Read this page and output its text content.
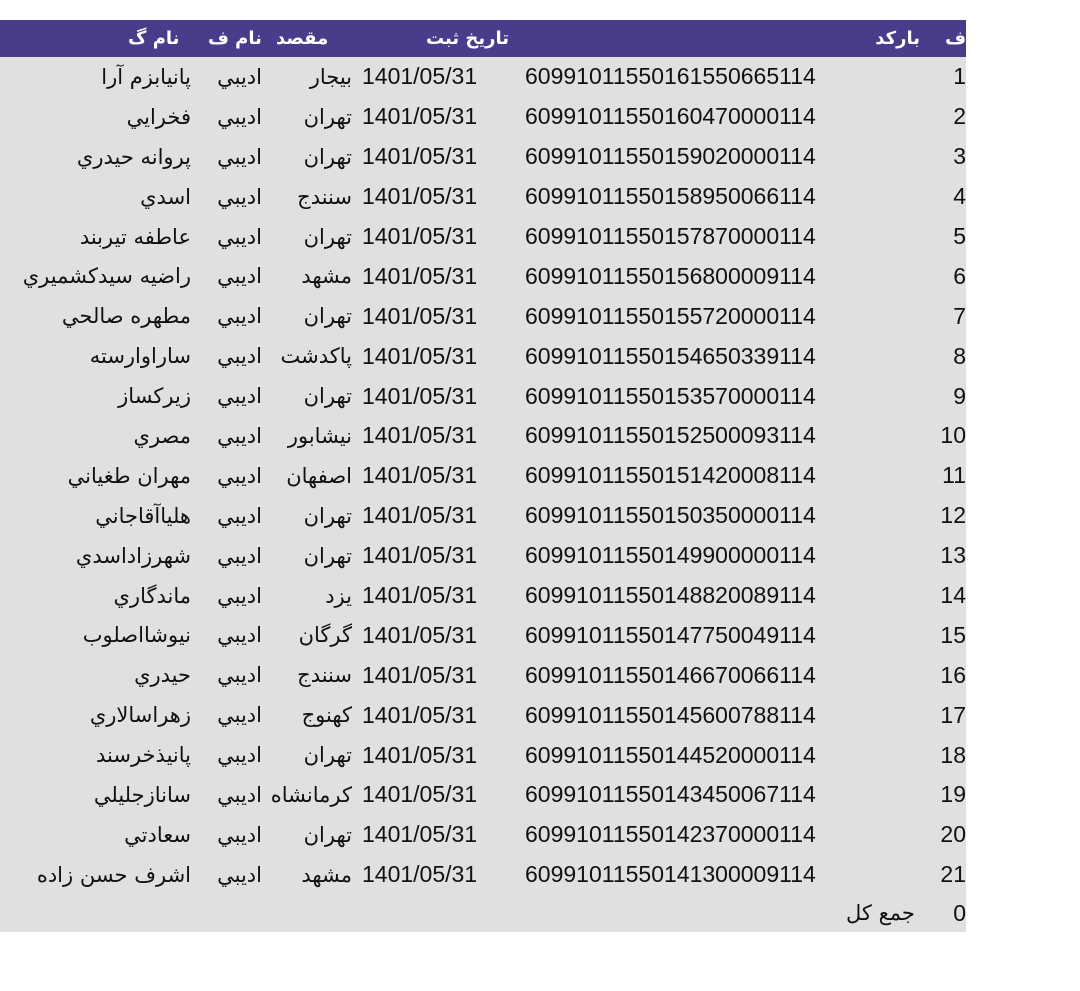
ف
بارکد
تاريخ ثبت
مقصد
نام ف
نام گ
1
60991011550161550665114
1401/05/31
بيجار
اديبي
پانيابزم آرا
2
60991011550160470000114
1401/05/31
تهران
اديبي
فخرايي
3
60991011550159020000114
1401/05/31
تهران
اديبي
پروانه حيدري
4
60991011550158950066114
1401/05/31
سنندج
اديبي
اسدي
5
60991011550157870000114
1401/05/31
تهران
اديبي
عاطفه تيربند
6
60991011550156800009114
1401/05/31
مشهد
اديبي
راضيه سيدکشميري
7
60991011550155720000114
1401/05/31
تهران
اديبي
مطهره صالحي
8
60991011550154650339114
1401/05/31
پاکدشت
اديبي
ساراوارسته
9
60991011550153570000114
1401/05/31
تهران
اديبي
زيرکساز
10
60991011550152500093114
1401/05/31
نيشابور
اديبي
مصري
11
60991011550151420008114
1401/05/31
اصفهان
اديبي
مهران طغياني
12
60991011550150350000114
1401/05/31
تهران
اديبي
هلياآقاجاني
13
60991011550149900000114
1401/05/31
تهران
اديبي
شهرزاداسدي
14
60991011550148820089114
1401/05/31
يزد
اديبي
ماندگاري
15
60991011550147750049114
1401/05/31
گرگان
اديبي
نيوشااصلوب
16
60991011550146670066114
1401/05/31
سنندج
اديبي
حيدري
17
60991011550145600788114
1401/05/31
کهنوج
اديبي
زهراسالاري
18
60991011550144520000114
1401/05/31
تهران
اديبي
پانيذخرسند
19
60991011550143450067114
1401/05/31
کرمانشاه
اديبي
سانازجليلي
20
60991011550142370000114
1401/05/31
تهران
اديبي
سعادتي
21
60991011550141300009114
1401/05/31
مشهد
اديبي
اشرف حسن زاده
0
جمع کل
